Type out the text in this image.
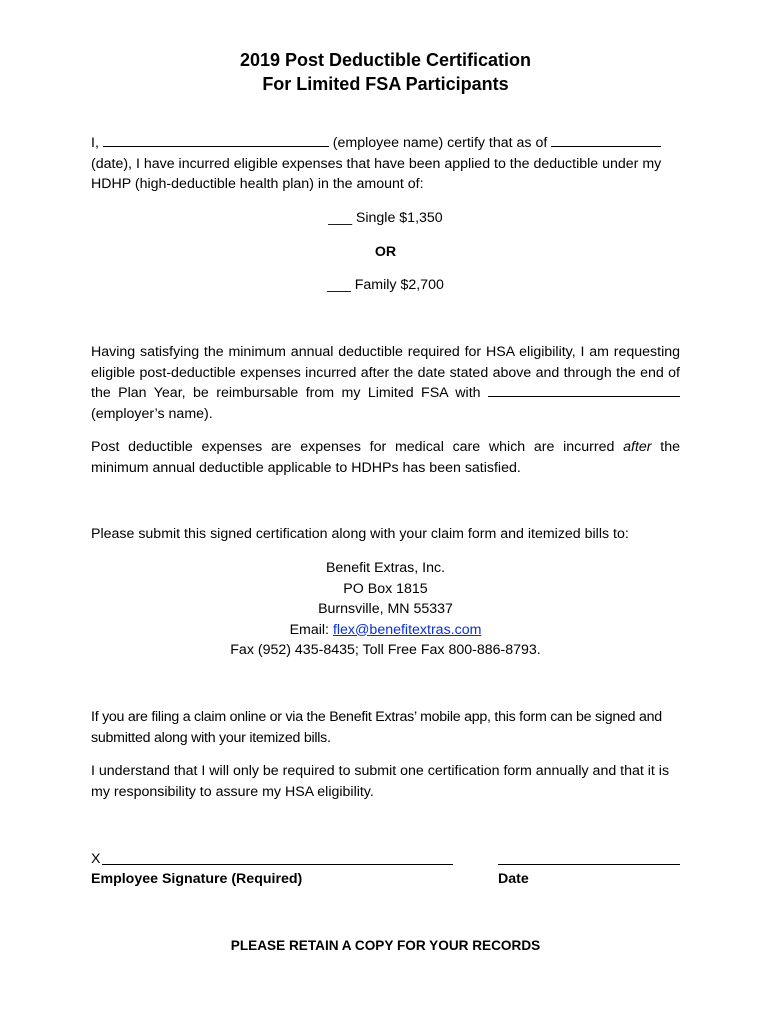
2019 Post Deductible Certification
For Limited FSA Participants

I,	(employee name) certify that as of  (date), I have incurred eligible expenses that have been applied to the deductible under my HDHP (high-deductible health plan) in the amount of:

___ Single $1,350

OR

___ Family $2,700

Having satisfying the minimum annual deductible required for HSA eligibility, I am requesting eligible post-deductible expenses incurred after the date stated above and through the end of the Plan Year, be reimbursable from my Limited FSA with  (employer’s name).

Post deductible expenses are expenses for medical care which are incurred after the minimum annual deductible applicable to HDHPs has been satisfied.

Please submit this signed certification along with your claim form and itemized bills to:

Benefit Extras, Inc.

PO Box 1815

Burnsville, MN 55337

Email: flex@benefitextras.com

Fax (952) 435-8435; Toll Free Fax 800-886-8793.

If you are filing a claim online or via the Benefit Extras’ mobile app, this form can be signed and submitted along with your itemized bills.

I understand that I will only be required to submit one certification form annually and that it is my responsibility to assure my HSA eligibility.

X
Employee Signature (Required)	Date
PLEASE RETAIN A COPY FOR YOUR RECORDS
